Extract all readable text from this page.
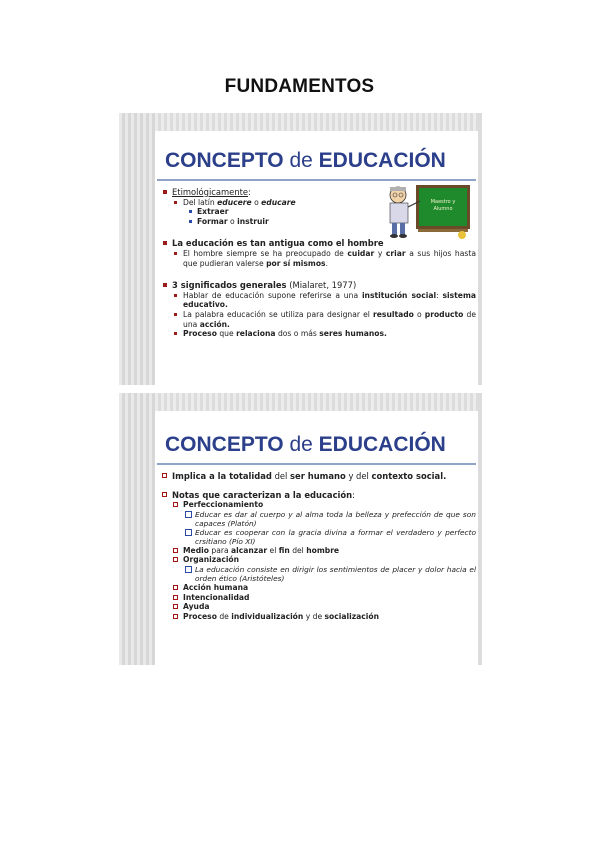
FUNDAMENTOS
CONCEPTO de EDUCACIÓN
Maestro y
Alumno
Etimológicamente:
Del latín educere o educare
Extraer
Formar o instruir
La educación es tan antigua como el hombre
El hombre siempre se ha preocupado de cuidar y criar a sus hijos hasta que pudieran valerse por sí mismos.
3 significados generales (Mialaret, 1977)
Hablar de educación supone referirse a una institución social: sistema educativo.
La palabra educación se utiliza para designar el resultado o producto de una acción.
Proceso que relaciona dos o más seres humanos.
CONCEPTO de EDUCACIÓN
Implica a la totalidad del ser humano y del contexto social.
Notas que caracterizan a la educación:
Perfeccionamiento
Educar es dar al cuerpo y al alma toda la belleza y prefección de que son capaces (Platón)
Educar es cooperar con la gracia divina a formar el verdadero y perfecto crsitiano (Pío XI)
Medio para alcanzar el fin del hombre
Organización
La educación consiste en dirigir los sentimientos de placer y dolor hacia el orden ético (Aristóteles)
Acción humana
Intencionalidad
Ayuda
Proceso de individualización y de socialización
